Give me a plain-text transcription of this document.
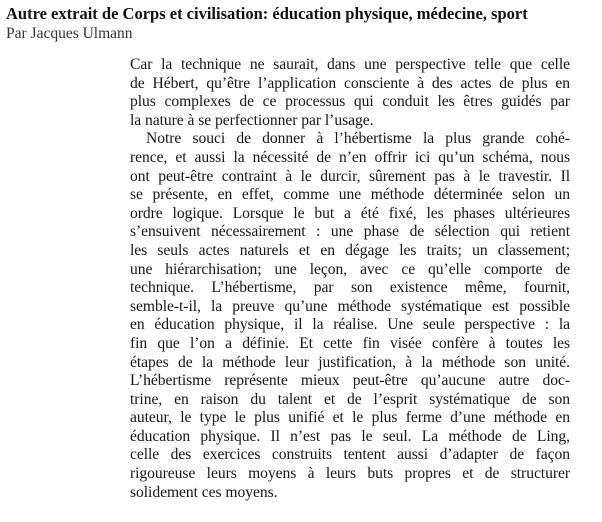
Autre extrait de Corps et civilisation: éducation physique, médecine, sport
Par Jacques Ulmann
Car la technique ne saurait, dans une perspective telle que celle
de Hébert, qu’être l’application consciente à des actes de plus en
plus complexes de ce processus qui conduit les êtres guidés par
la nature à se perfectionner par l’usage.
Notre souci de donner à l’hébertisme la plus grande cohé-
rence, et aussi la nécessité de n’en offrir ici qu’un schéma, nous
ont peut-être contraint à le durcir, sûrement pas à le travestir. Il
se présente, en effet, comme une méthode déterminée selon un
ordre logique. Lorsque le but a été fixé, les phases ultérieures
s’ensuivent nécessairement : une phase de sélection qui retient
les seuls actes naturels et en dégage les traits; un classement;
une hiérarchisation; une leçon, avec ce qu’elle comporte de
technique. L’hébertisme, par son existence même, fournit,
semble-t-il, la preuve qu’une méthode systématique est possible
en éducation physique, il la réalise. Une seule perspective : la
fin que l’on a définie. Et cette fin visée confère à toutes les
étapes de la méthode leur justification, à la méthode son unité.
L’hébertisme représente mieux peut-être qu’aucune autre doc-
trine, en raison du talent et de l’esprit systématique de son
auteur, le type le plus unifié et le plus ferme d’une méthode en
éducation physique. Il n’est pas le seul. La méthode de Ling,
celle des exercices construits tentent aussi d’adapter de façon
rigoureuse leurs moyens à leurs buts propres et de structurer
solidement ces moyens.
